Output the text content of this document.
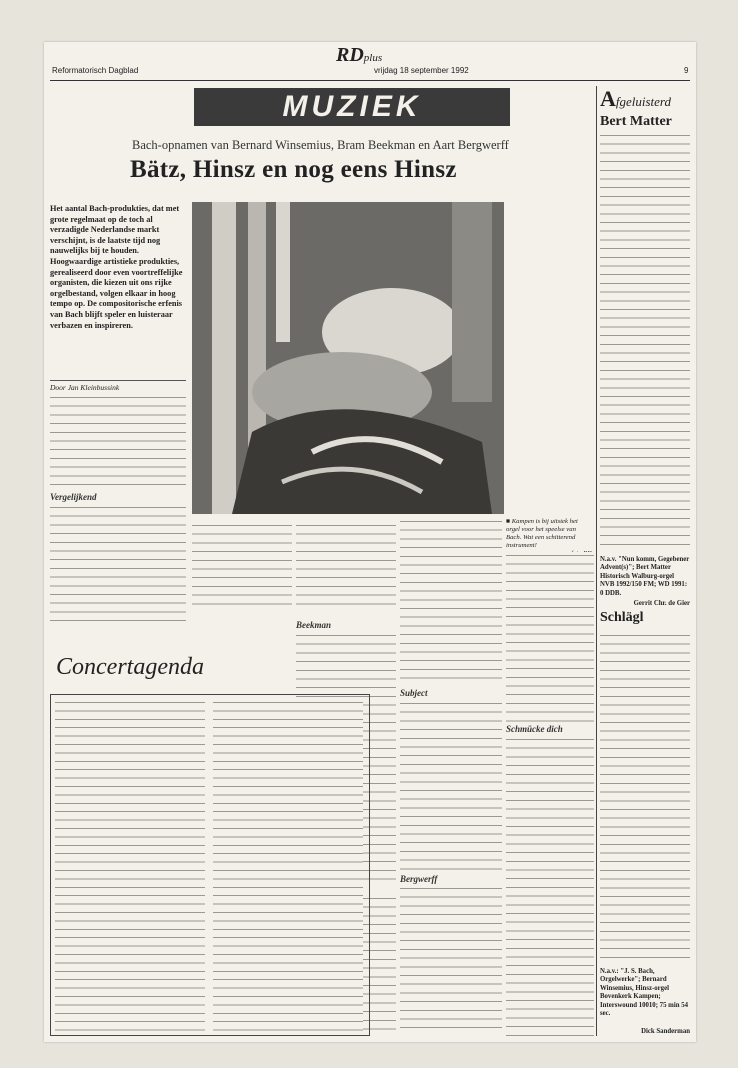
RDplus
Reformatorisch Dagblad	vrijdag 18 september 1992	9
MUZIEK
Bach-opnamen van Bernard Winsemius, Bram Beekman en Aart Bergwerff
Bätz, Hinsz en nog eens Hinsz
Het aantal Bach-produkties, dat met grote regelmaat op de toch al verzadigde Nederlandse markt verschijnt, is de laatste tijd nog nauwelijks bij te houden. Hoogwaardige artistieke produkties, gerealiseerd door even voortreffelijke organisten, die kiezen uit ons rijke orgelbestand, volgen elkaar in hoog tempo op. De compositorische erfenis van Bach blijft speler en luisteraar verbazen en inspireren.
Door Jan Kleinbussink
Vergelijkend
■ Kampen is bij uitstek het orgel voor het speelse van Bach. Wat een schitterend instrument!
Subject
Bergwerff
Schmücke dich
Beekman
Concertagenda
Afgeluisterd
Bert Matter
N.a.v. "Nun komm, Gegebener Advent(s)"; Bert Matter Historisch Walburg-orgel NVB 1992/150 FM; WD 1991: 0 DDB.
Gerrit Chr. de Gier
Schlägl
N.a.v.: "J. S. Bach, Orgelwerke"; Bernard Winsemius, Hinsz-orgel Bovenkerk Kampen; Interswound 10010; 75 min 54 sec.
Dick Sanderman
